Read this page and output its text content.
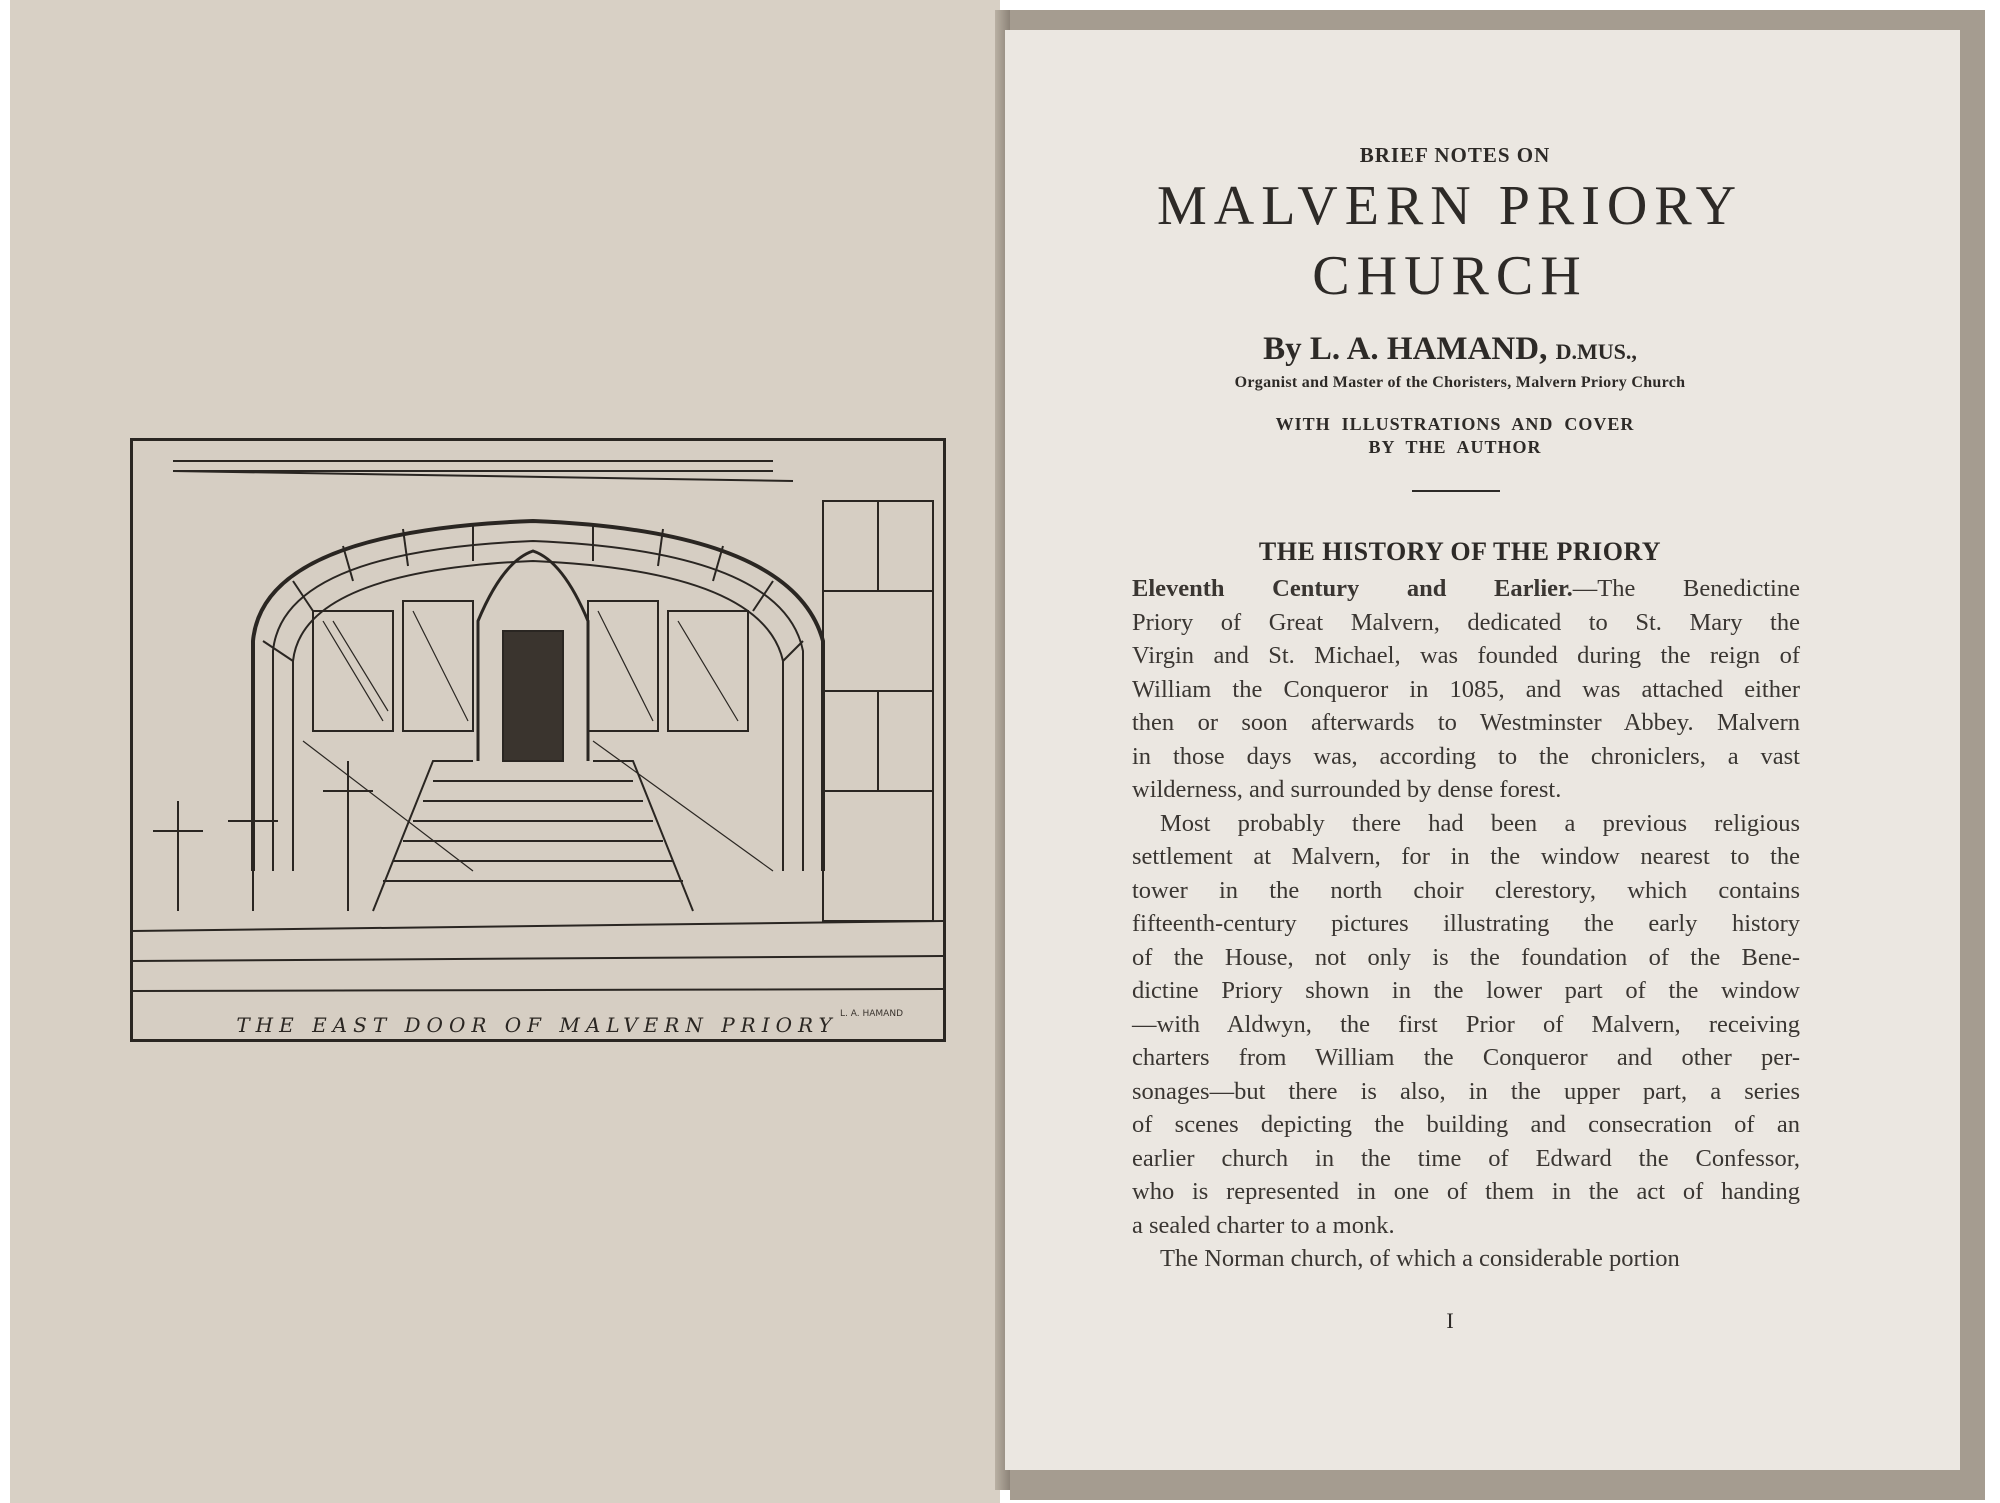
THE EAST DOOR OF MALVERN PRIORY L. A. HAMAND
BRIEF NOTES ON
MALVERN PRIORY
CHURCH
By L. A. HAMAND, D.MUS.,
Organist and Master of the Choristers, Malvern Priory Church
WITH  ILLUSTRATIONS  AND  COVER
BY  THE  AUTHOR
THE HISTORY OF THE PRIORY
Eleventh Century and Earlier.—The Benedictine
Priory of Great Malvern, dedicated to St. Mary the
Virgin and St. Michael, was founded during the reign of
William the Conqueror in 1085, and was attached either
then or soon afterwards to Westminster Abbey. Malvern
in those days was, according to the chroniclers, a vast
wilderness, and surrounded by dense forest.
Most probably there had been a previous religious
settlement at Malvern, for in the window nearest to the
tower in the north choir clerestory, which contains
fifteenth-century pictures illustrating the early history
of the House, not only is the foundation of the Bene-
dictine Priory shown in the lower part of the window
—with Aldwyn, the first Prior of Malvern, receiving
charters from William the Conqueror and other per-
sonages—but there is also, in the upper part, a series
of scenes depicting the building and consecration of an
earlier church in the time of Edward the Confessor,
who is represented in one of them in the act of handing
a sealed charter to a monk.
The Norman church, of which a considerable portion
I
